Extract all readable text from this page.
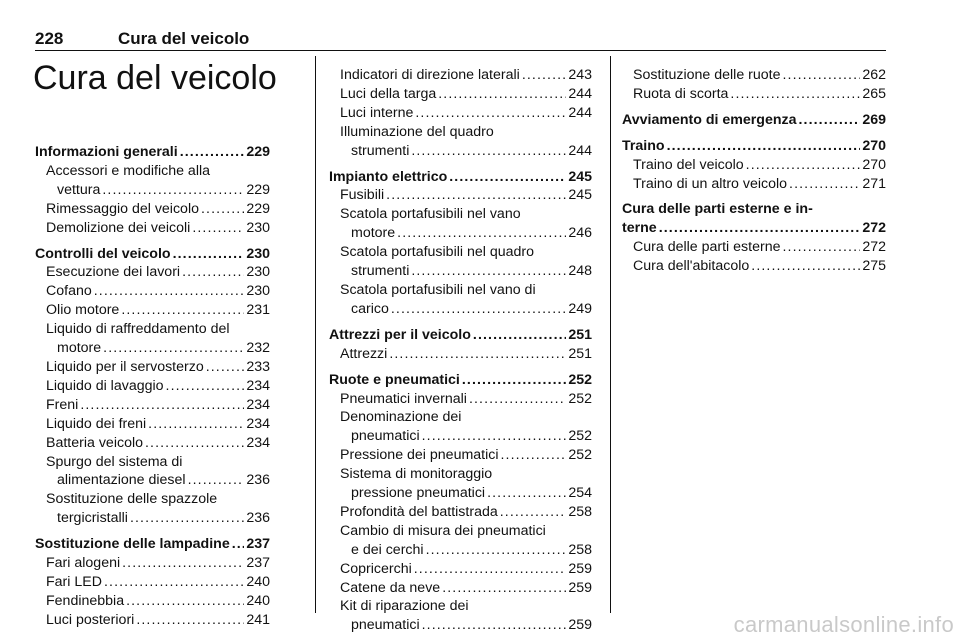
228	Cura del veicolo
Cura del veicolo
Informazioni generali .....	229
Accessori e modifiche alla
vettura .....	229
Rimessaggio del veicolo .....	229
Demolizione dei veicoli .....	230
Controlli del veicolo .....	230
Esecuzione dei lavori .....	230
Cofano .....	230
Olio motore .....	231
Liquido di raffreddamento del
motore .....	232
Liquido per il servosterzo .....	233
Liquido di lavaggio .....	234
Freni .....	234
Liquido dei freni .....	234
Batteria veicolo .....	234
Spurgo del sistema di
alimentazione diesel .....	236
Sostituzione delle spazzole
tergicristalli .....	236
Sostituzione delle lampadine ..... 237
Fari alogeni .....	237
Fari LED .....	240
Fendinebbia .....	240
Luci posteriori .....	241
Indicatori di direzione laterali .....	243
Luci della targa .....	244
Luci interne .....	244
Illuminazione del quadro
strumenti .....	244
Impianto elettrico .....	245
Fusibili .....	245
Scatola portafusibili nel vano
motore .....	246
Scatola portafusibili nel quadro
strumenti .....	248
Scatola portafusibili nel vano di
carico .....	249
Attrezzi per il veicolo .....	251
Attrezzi .....	251
Ruote e pneumatici .....	252
Pneumatici invernali .....	252
Denominazione dei
pneumatici .....	252
Pressione dei pneumatici .....	252
Sistema di monitoraggio
pressione pneumatici .....	254
Profondità del battistrada .....	258
Cambio di misura dei pneumatici
e dei cerchi .....	258
Copricerchi .....	259
Catene da neve .....	259
Kit di riparazione dei
pneumatici .....	259
Sostituzione delle ruote .....	262
Ruota di scorta .....	265
Avviamento di emergenza .....	269
Traino .....	270
Traino del veicolo .....	270
Traino di un altro veicolo .....	271
Cura delle parti esterne e in-
terne .....	272
Cura delle parti esterne .....	272
Cura dell'abitacolo .....	275
carmanualsonline.info
